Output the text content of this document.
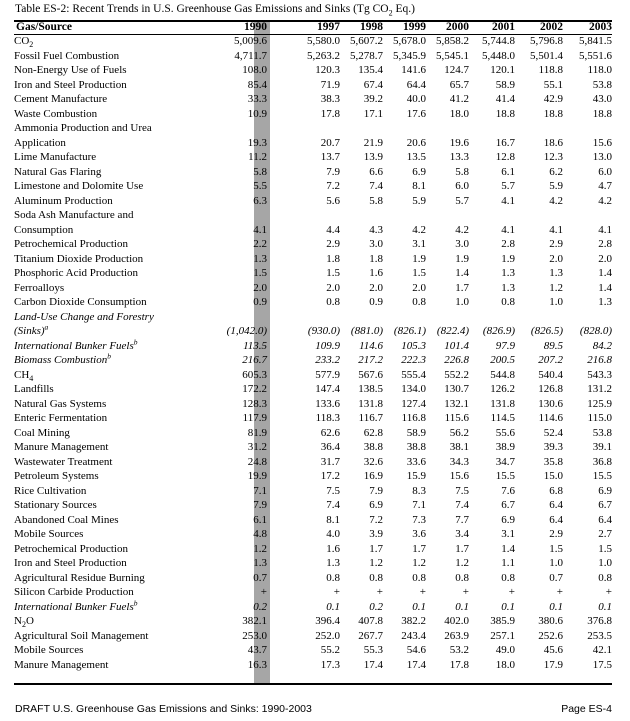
Table ES-2: Recent Trends in U.S. Greenhouse Gas Emissions and Sinks (Tg $CO_2$ Eq.)
Gas/Source	1990	1997	1998	1999	2000	2001	2002	2003
$CO_2$	5,009.6	5,580.0	5,607.2	5,678.0	5,858.2	5,744.8	5,796.8	5,841.5
Fossil Fuel Combustion	4,711.7	5,263.2	5,278.7	5,345.9	5,545.1	5,448.0	5,501.4	5,551.6
Non-Energy Use of Fuels	108.0	120.3	135.4	141.6	124.7	120.1	118.8	118.0
Iron and Steel Production	85.4	71.9	67.4	64.4	65.7	58.9	55.1	53.8
Cement Manufacture	33.3	38.3	39.2	40.0	41.2	41.4	42.9	43.0
Waste Combustion	10.9	17.8	17.1	17.6	18.0	18.8	18.8	18.8
Ammonia Production and Urea								
Application	19.3	20.7	21.9	20.6	19.6	16.7	18.6	15.6
Lime Manufacture	11.2	13.7	13.9	13.5	13.3	12.8	12.3	13.0
Natural Gas Flaring	5.8	7.9	6.6	6.9	5.8	6.1	6.2	6.0
Limestone and Dolomite Use	5.5	7.2	7.4	8.1	6.0	5.7	5.9	4.7
Aluminum Production	6.3	5.6	5.8	5.9	5.7	4.1	4.2	4.2
Soda Ash Manufacture and								
Consumption	4.1	4.4	4.3	4.2	4.2	4.1	4.1	4.1
Petrochemical Production	2.2	2.9	3.0	3.1	3.0	2.8	2.9	2.8
Titanium Dioxide Production	1.3	1.8	1.8	1.9	1.9	1.9	2.0	2.0
Phosphoric Acid Production	1.5	1.5	1.6	1.5	1.4	1.3	1.3	1.4
Ferroalloys	2.0	2.0	2.0	2.0	1.7	1.3	1.2	1.4
Carbon Dioxide Consumption	0.9	0.8	0.9	0.8	1.0	0.8	1.0	1.3
Land-Use Change and Forestry								
(Sinks)$^a$	(1,042.0)	(930.0)	(881.0)	(826.1)	(822.4)	(826.9)	(826.5)	(828.0)
International Bunker Fuels$^b$	113.5	109.9	114.6	105.3	101.4	97.9	89.5	84.2
Biomass Combustion$^b$	216.7	233.2	217.2	222.3	226.8	200.5	207.2	216.8
$CH_4$	605.3	577.9	567.6	555.4	552.2	544.8	540.4	543.3
Landfills	172.2	147.4	138.5	134.0	130.7	126.2	126.8	131.2
Natural Gas Systems	128.3	133.6	131.8	127.4	132.1	131.8	130.6	125.9
Enteric Fermentation	117.9	118.3	116.7	116.8	115.6	114.5	114.6	115.0
Coal Mining	81.9	62.6	62.8	58.9	56.2	55.6	52.4	53.8
Manure Management	31.2	36.4	38.8	38.8	38.1	38.9	39.3	39.1
Wastewater Treatment	24.8	31.7	32.6	33.6	34.3	34.7	35.8	36.8
Petroleum Systems	19.9	17.2	16.9	15.9	15.6	15.5	15.0	15.5
Rice Cultivation	7.1	7.5	7.9	8.3	7.5	7.6	6.8	6.9
Stationary Sources	7.9	7.4	6.9	7.1	7.4	6.7	6.4	6.7
Abandoned Coal Mines	6.1	8.1	7.2	7.3	7.7	6.9	6.4	6.4
Mobile Sources	4.8	4.0	3.9	3.6	3.4	3.1	2.9	2.7
Petrochemical Production	1.2	1.6	1.7	1.7	1.7	1.4	1.5	1.5
Iron and Steel Production	1.3	1.3	1.2	1.2	1.2	1.1	1.0	1.0
Agricultural Residue Burning	0.7	0.8	0.8	0.8	0.8	0.8	0.7	0.8
Silicon Carbide Production	+	+	+	+	+	+	+	+
International Bunker Fuels$^b$	0.2	0.1	0.2	0.1	0.1	0.1	0.1	0.1
$N_2O$	382.1	396.4	407.8	382.2	402.0	385.9	380.6	376.8
Agricultural Soil Management	253.0	252.0	267.7	243.4	263.9	257.1	252.6	253.5
Mobile Sources	43.7	55.2	55.3	54.6	53.2	49.0	45.6	42.1
Manure Management	16.3	17.3	17.4	17.4	17.8	18.0	17.9	17.5
DRAFT U.S. Greenhouse Gas Emissions and Sinks: 1990-2003	Page ES-4
